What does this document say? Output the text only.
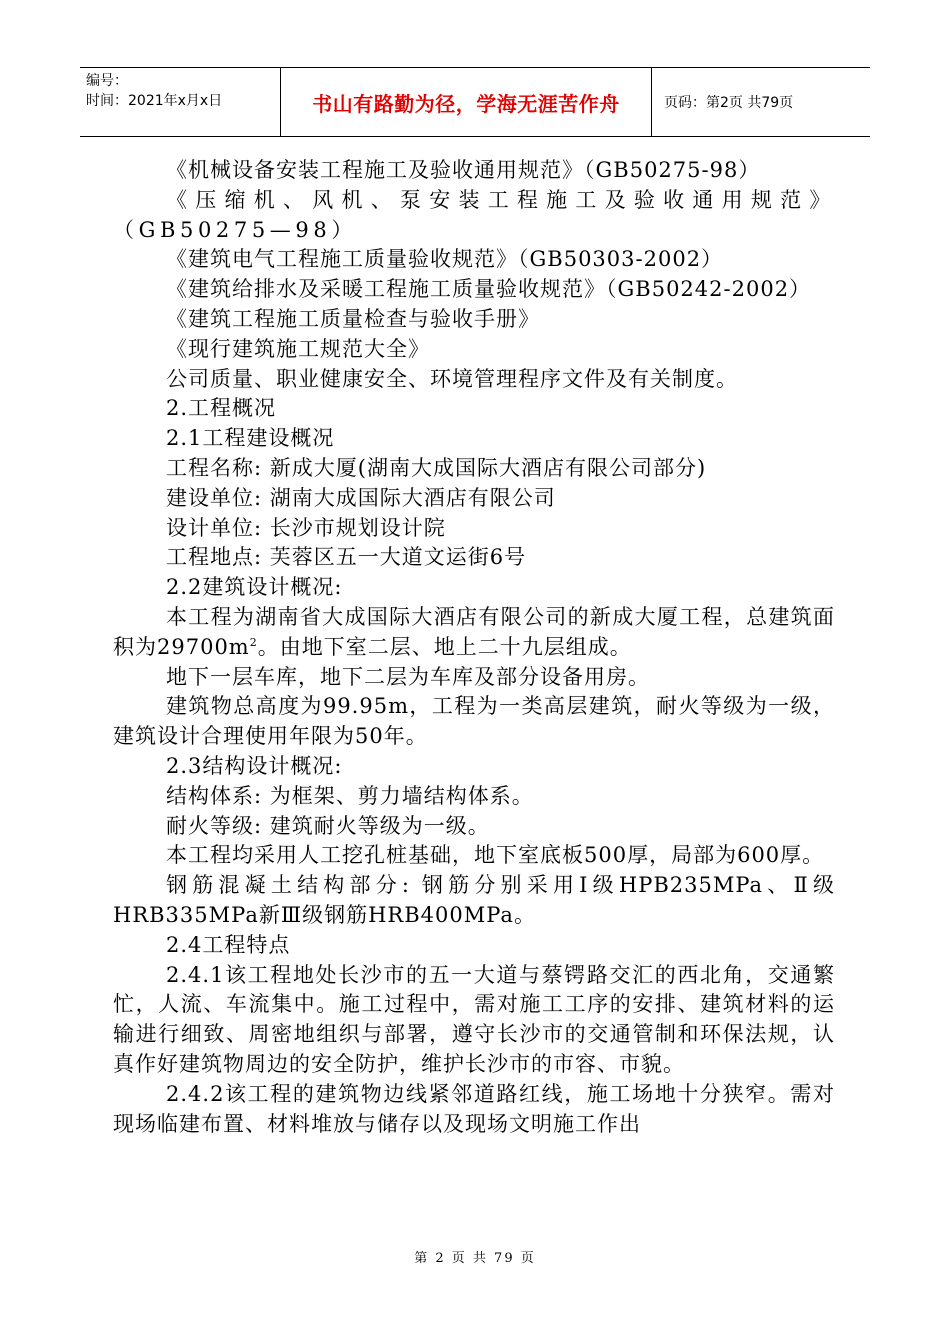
编号：
时间：2021年x月x日	书山有路勤为径，学海无涯苦作舟	页码：第2页 共79页

《机械设备安装工程施工及验收通用规范》（GB50275-98）

《压缩机、风机、泵安装工程施工及验收通用规范》（GB50275—98）

《建筑电气工程施工质量验收规范》（GB50303-2002）

《建筑给排水及采暖工程施工质量验收规范》（GB50242-2002）

《建筑工程施工质量检查与验收手册》

《现行建筑施工规范大全》

公司质量、职业健康安全、环境管理程序文件及有关制度。

2.工程概况

2.1工程建设概况

工程名称: 新成大厦(湖南大成国际大酒店有限公司部分)

建设单位: 湖南大成国际大酒店有限公司

设计单位: 长沙市规划设计院

工程地点: 芙蓉区五一大道文运街6号

2.2建筑设计概况:

本工程为湖南省大成国际大酒店有限公司的新成大厦工程，总建筑面积为$29700m^2$。由地下室二层、地上二十九层组成。

地下一层车库，地下二层为车库及部分设备用房。

建筑物总高度为99.95m，工程为一类高层建筑，耐火等级为一级，建筑设计合理使用年限为50年。

2.3结构设计概况:

结构体系: 为框架、剪力墙结构体系。

耐火等级: 建筑耐火等级为一级。

本工程均采用人工挖孔桩基础，地下室底板500厚，局部为600厚。

钢筋混凝土结构部分: 钢筋分别采用Ⅰ级HPB235MPa、Ⅱ级HRB335MPa新Ⅲ级钢筋HRB400MPa。

2.4工程特点

2.4.1该工程地处长沙市的五一大道与蔡锷路交汇的西北角，交通繁忙，人流、车流集中。施工过程中，需对施工工序的安排、建筑材料的运输进行细致、周密地组织与部署，遵守长沙市的交通管制和环保法规，认真作好建筑物周边的安全防护，维护长沙市的市容、市貌。

2.4.2该工程的建筑物边线紧邻道路红线，施工场地十分狭窄。需对现场临建布置、材料堆放与储存以及现场文明施工作出

第 2 页 共 79 页
